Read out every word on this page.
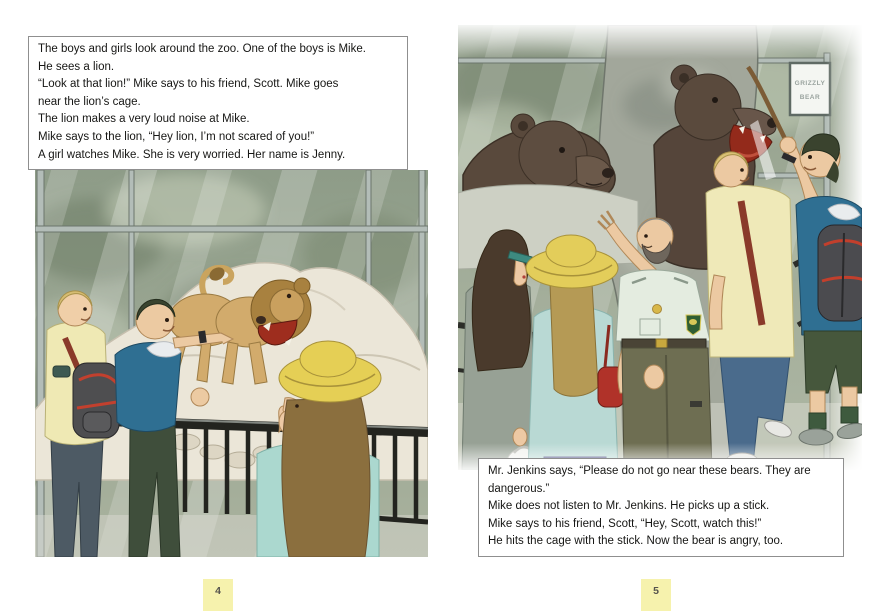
GRIZZLY
BEAR
The boys and girls look around the zoo. One of the boys is Mike.
He sees a lion.
“Look at that lion!” Mike says to his friend, Scott. Mike goes
near the lion’s cage.
The lion makes a very loud noise at Mike.
Mike says to the lion, “Hey lion, I’m not scared of you!”
A girl watches Mike. She is very worried. Her name is Jenny.
Mr. Jenkins says, “Please do not go near these bears. They are
dangerous.”
Mike does not listen to Mr. Jenkins. He picks up a stick.
Mike says to his friend, Scott, “Hey, Scott, watch this!”
He hits the cage with the stick. Now the bear is angry, too.
4	5
